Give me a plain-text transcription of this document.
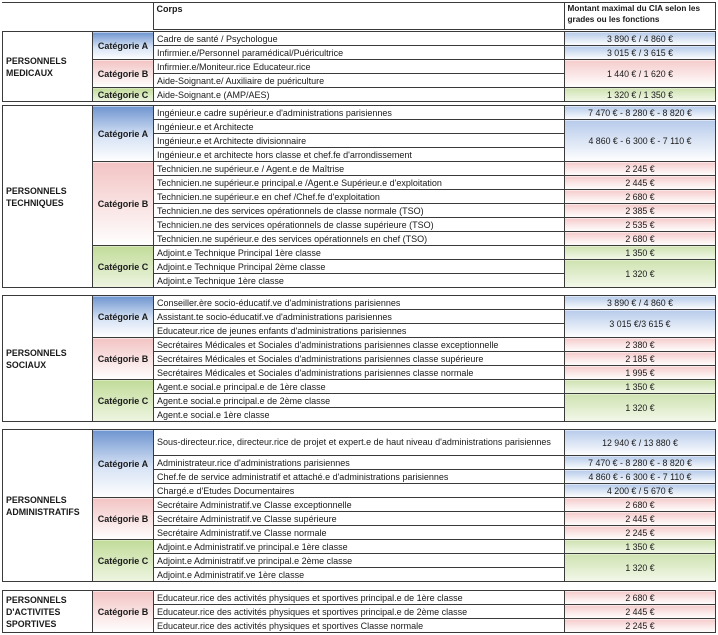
	Corps	Montant maximal du CIA selon les grades ou les fonctions
PERSONNELS MEDICAUX	Catégorie A	Cadre de santé / Psychologue	3 890 € / 4 860 €
		Infirmier.e/Personnel paramédical/Puéricultrice	3 015 € / 3 615 €
	Catégorie B	Infirmier.e/Moniteur.rice Educateur.rice	1 440 € / 1 620 €
		Aide-Soignant.e/ Auxiliaire de puériculture	
	Catégorie C	Aide-Soignant.e (AMP/AES)	1 320 € / 1 350 €
PERSONNELS TECHNIQUES	Catégorie A	Ingénieur.e cadre supérieur.e d'administrations parisiennes	7 470 € - 8 280 € - 8 820 €
		Ingénieur.e et Architecte	4 860 € - 6 300 € - 7 110 €
		Ingénieur.e et Architecte divisionnaire	
		Ingénieur.e et architecte hors classe et chef.fe d'arrondissement	
	Catégorie B	Technicien.ne supérieur.e / Agent.e de Maîtrise	2 245 €
		Technicien.ne supérieur.e principal.e /Agent.e Supérieur.e d'exploitation	2 445 €
		Technicien.ne supérieur.e en chef /Chef.fe d'exploitation	2 680 €
		Technicien.ne des services opérationnels de classe normale (TSO)	2 385 €
		Technicien.ne des services opérationnels de classe supérieure (TSO)	2 535 €
		Technicien.ne supérieur.e des services opérationnels en chef (TSO)	2 680 €
	Catégorie C	Adjoint.e Technique Principal 1ère classe	1 350 €
		Adjoint.e Technique Principal 2ème classe	1 320 €
		Adjoint.e Technique 1ère classe	
PERSONNELS SOCIAUX	Catégorie A	Conseiller.ère socio-éducatif.ve d'administrations parisiennes	3 890 € / 4 860 €
		Assistant.te socio-éducatif.ve d'administrations parisiennes	3 015 €/3 615 €
		Educateur.rice de jeunes enfants d'administrations parisiennes	
	Catégorie B	Secrétaires Médicales et Sociales d'administrations parisiennes classe exceptionnelle	2 380 €
		Secrétaires Médicales et Sociales d'administrations parisiennes classe supérieure	2 185 €
		Secrétaires Médicales et Sociales d'administrations parisiennes classe normale	1 995 €
	Catégorie C	Agent.e social.e principal.e de 1ère classe	1 350 €
		Agent.e social.e principal.e de 2ème classe	1 320 €
		Agent.e social.e 1ère classe	
PERSONNELS ADMINISTRATIFS	Catégorie A	Sous-directeur.rice, directeur.rice de projet et expert.e de haut niveau d'administrations parisiennes	12 940 € / 13 880 €
		Administrateur.rice d'administrations parisiennes	7 470 € - 8 280 € - 8 820 €
		Chef.fe de service administratif et attaché.e d'administrations parisiennes	4 860 € - 6 300 € - 7 110 €
		Chargé.e d'Etudes Documentaires	4 200 € / 5 670 €
	Catégorie B	Secrétaire Administratif.ve Classe exceptionnelle	2 680 €
		Secrétaire Administratif.ve Classe supérieure	2 445 €
		Secrétaire Administratif.ve Classe normale	2 245 €
	Catégorie C	Adjoint.e Administratif.ve principal.e 1ère classe	1 350 €
		Adjoint.e Administratif.ve principal.e 2ème classe	1 320 €
		Adjoint.e Administratif.ve 1ère classe	
PERSONNELS D'ACTIVITES SPORTIVES	Catégorie B	Educateur.rice des activités physiques et sportives principal.e de 1ère classe	2 680 €
		Educateur.rice des activités physiques et sportives principal.e de 2ème classe	2 445 €
		Educateur.rice des activités physiques et sportives Classe normale	2 245 €
